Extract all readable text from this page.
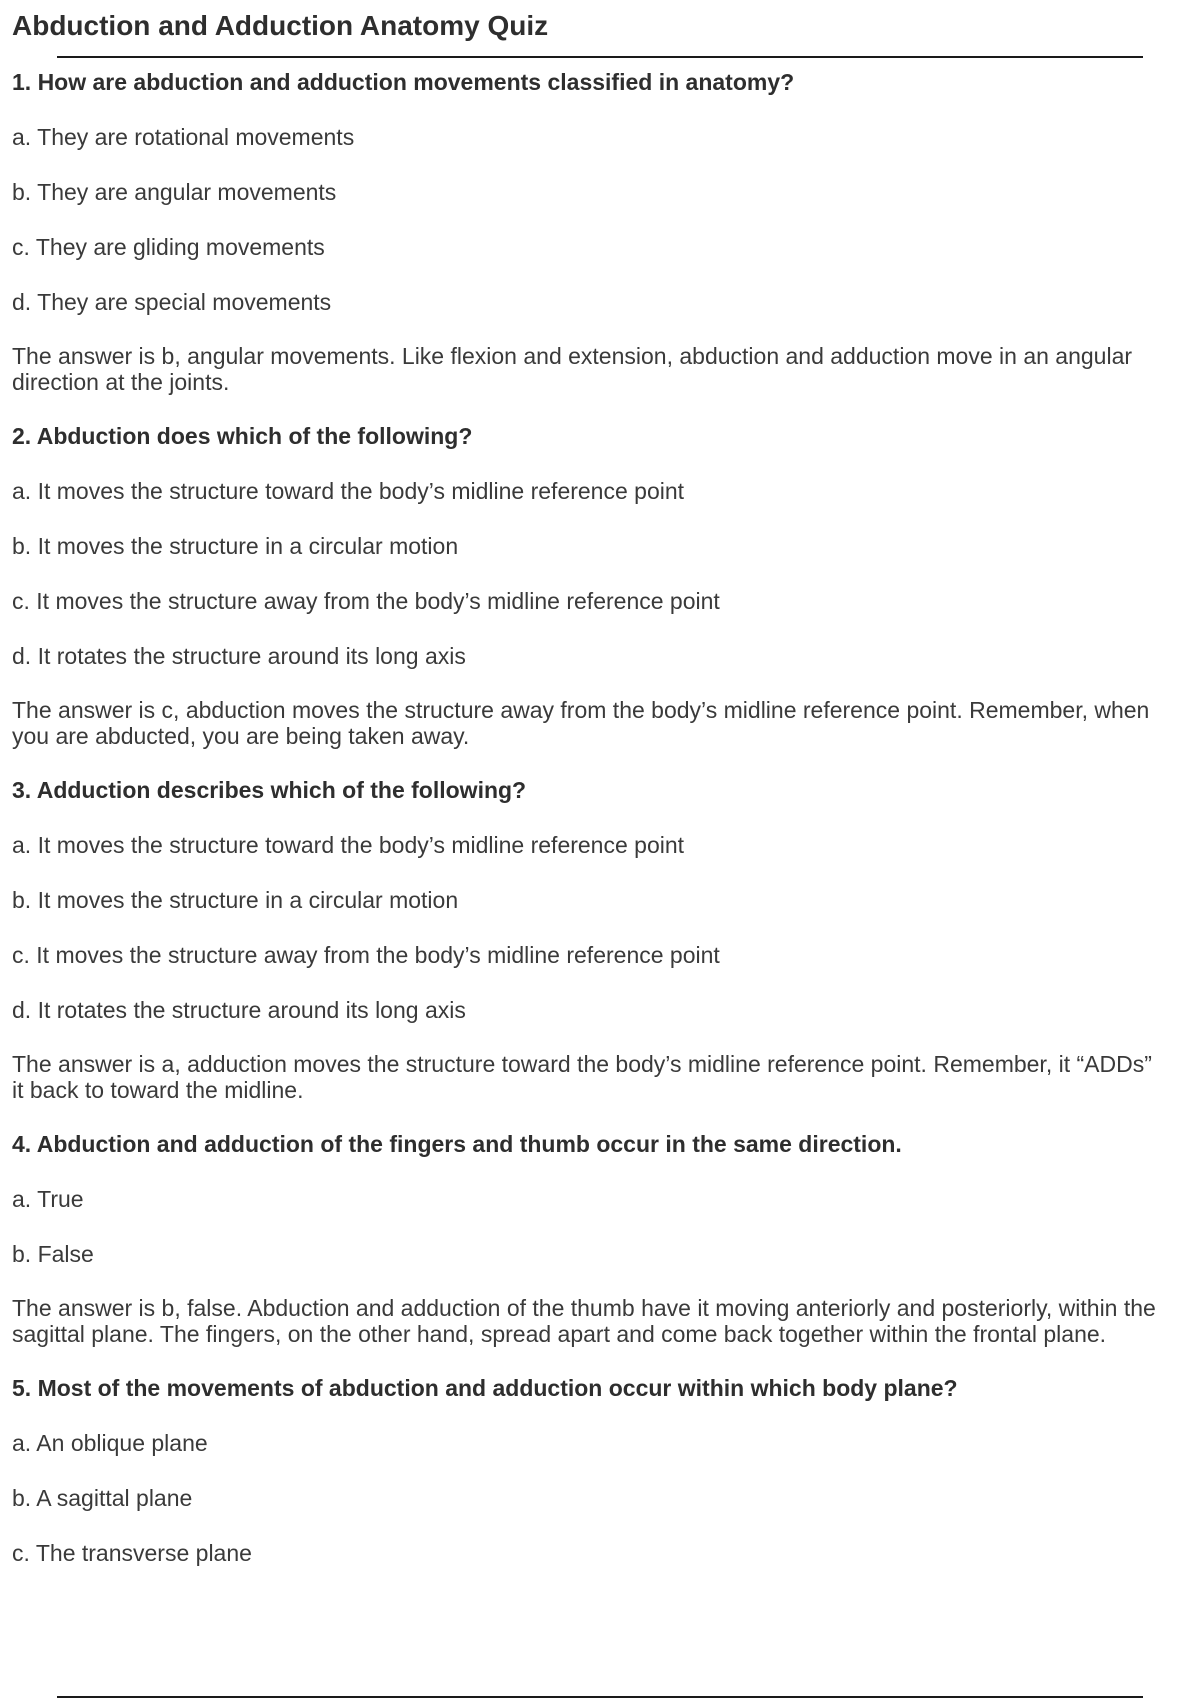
Abduction and Adduction Anatomy Quiz
1. How are abduction and adduction movements classified in anatomy?
a. They are rotational movements
b. They are angular movements
c. They are gliding movements
d. They are special movements
The answer is b, angular movements. Like flexion and extension, abduction and adduction move in an angular
direction at the joints.
2. Abduction does which of the following?
a. It moves the structure toward the body’s midline reference point
b. It moves the structure in a circular motion
c. It moves the structure away from the body’s midline reference point
d. It rotates the structure around its long axis
The answer is c, abduction moves the structure away from the body’s midline reference point. Remember, when
you are abducted, you are being taken away.
3. Adduction describes which of the following?
a. It moves the structure toward the body’s midline reference point
b. It moves the structure in a circular motion
c. It moves the structure away from the body’s midline reference point
d. It rotates the structure around its long axis
The answer is a, adduction moves the structure toward the body’s midline reference point. Remember, it “ADDs”
it back to toward the midline.
4. Abduction and adduction of the fingers and thumb occur in the same direction.
a. True
b. False
The answer is b, false. Abduction and adduction of the thumb have it moving anteriorly and posteriorly, within the
sagittal plane. The fingers, on the other hand, spread apart and come back together within the frontal plane.
5. Most of the movements of abduction and adduction occur within which body plane?
a. An oblique plane
b. A sagittal plane
c. The transverse plane
